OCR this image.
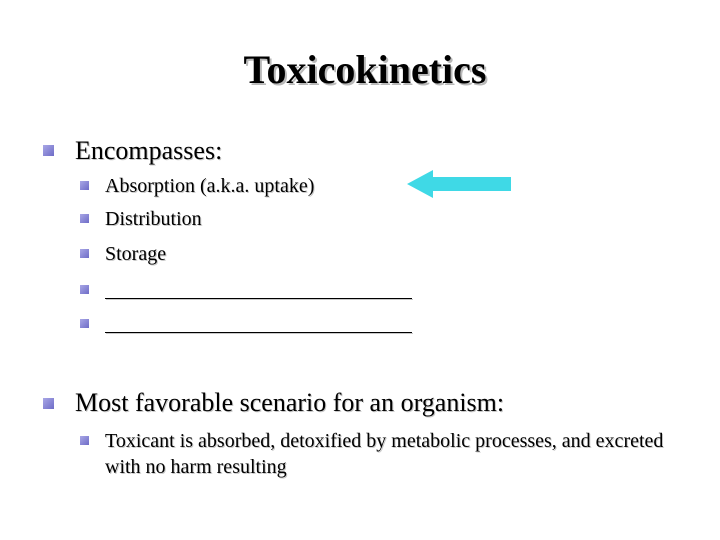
Toxicokinetics
Encompasses:
Absorption (a.k.a. uptake)
Distribution
Storage
Most favorable scenario for an organism:
Toxicant is absorbed, detoxified by metabolic processes, and excreted with no harm resulting
